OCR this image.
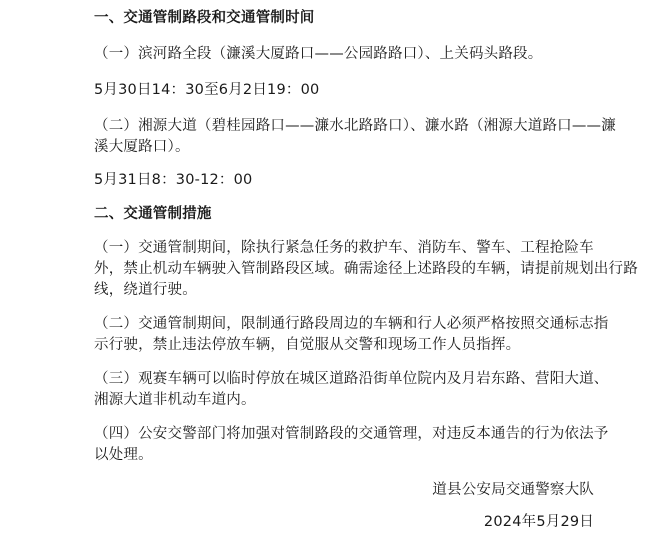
一、交通管制路段和交通管制时间
（一）滨河路全段（濂溪大厦路口——公园路路口）、上关码头路段。
5月30日14：30至6月2日19：00
（二）湘源大道（碧桂园路口——濂水北路路口）、濂水路（湘源大道路口——濂
溪大厦路口）。
5月31日8：30-12：00
二、交通管制措施
（一）交通管制期间，除执行紧急任务的救护车、消防车、警车、工程抢险车
外，禁止机动车辆驶入管制路段区域。确需途径上述路段的车辆，请提前规划出行路
线，绕道行驶。
（二）交通管制期间，限制通行路段周边的车辆和行人必须严格按照交通标志指
示行驶，禁止违法停放车辆，自觉服从交警和现场工作人员指挥。
（三）观赛车辆可以临时停放在城区道路沿街单位院内及月岩东路、营阳大道、
湘源大道非机动车道内。
（四）公安交警部门将加强对管制路段的交通管理，对违反本通告的行为依法予
以处理。
道县公安局交通警察大队
2024年5月29日
